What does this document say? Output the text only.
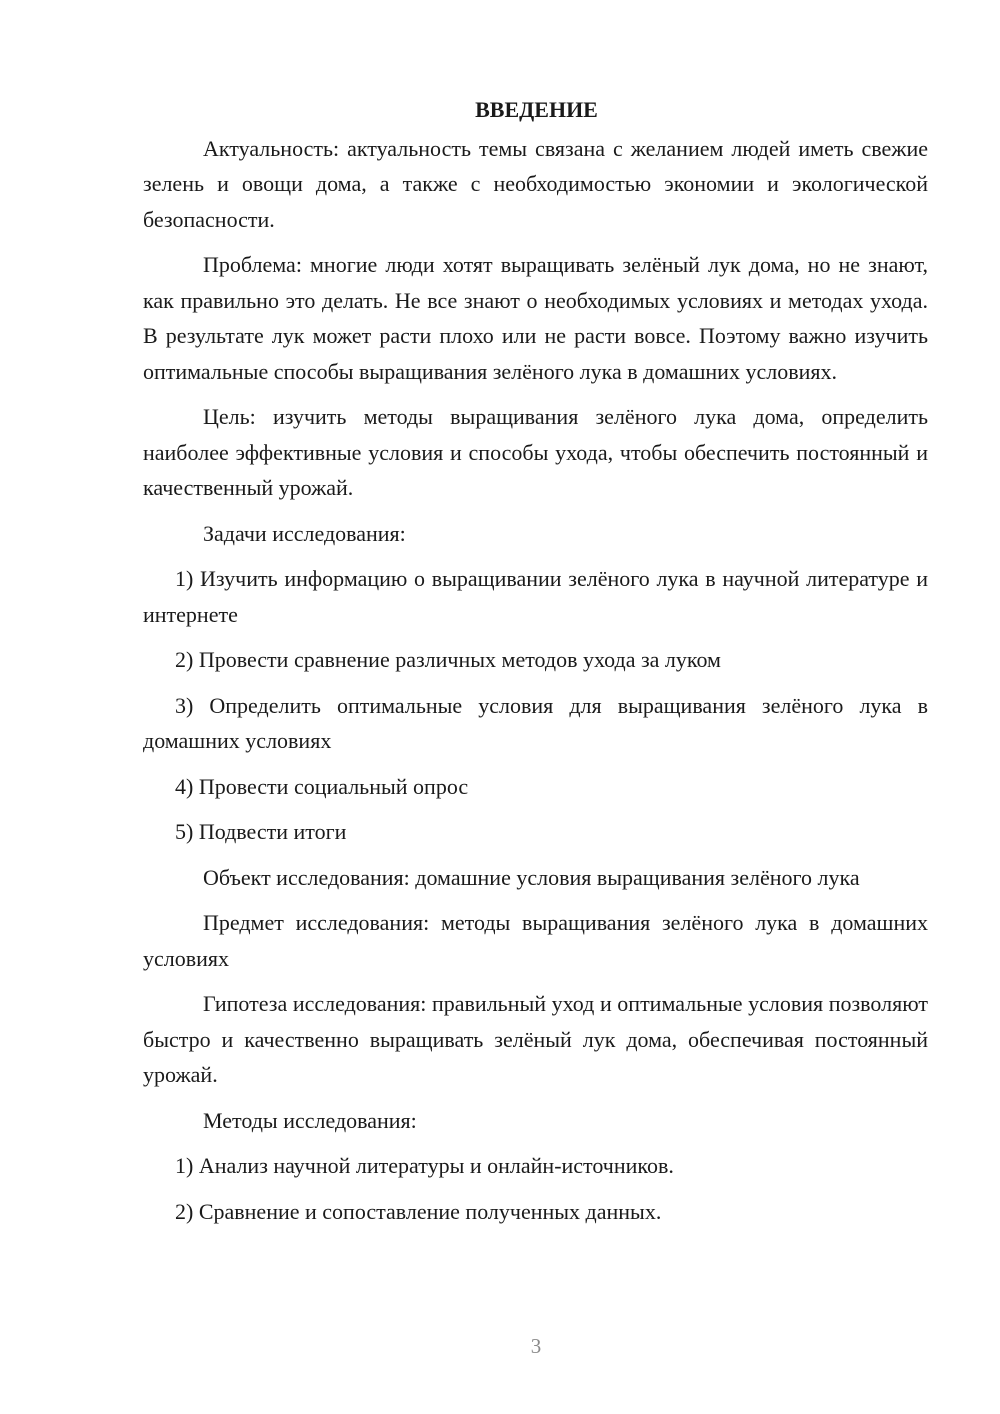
ВВЕДЕНИЕ

Актуальность: актуальность темы связана с желанием людей иметь свежие зелень и овощи дома, а также с необходимостью экономии и экологической безопасности.

Проблема: многие люди хотят выращивать зелёный лук дома, но не знают, как правильно это делать. Не все знают о необходимых условиях и методах ухода. В результате лук может расти плохо или не расти вовсе. Поэтому важно изучить оптимальные способы выращивания зелёного лука в домашних условиях.

Цель: изучить методы выращивания зелёного лука дома, определить наиболее эффективные условия и способы ухода, чтобы обеспечить постоянный и качественный урожай.

Задачи исследования:

1) Изучить информацию о выращивании зелёного лука в научной литературе и интернете

2) Провести сравнение различных методов ухода за луком

3) Определить оптимальные условия для выращивания зелёного лука в домашних условиях

4) Провести социальный опрос

5) Подвести итоги

Объект исследования: домашние условия выращивания зелёного лука

Предмет исследования: методы выращивания зелёного лука в домашних условиях

Гипотеза исследования: правильный уход и оптимальные условия позволяют быстро и качественно выращивать зелёный лук дома, обеспечивая постоянный урожай.

Методы исследования:

1) Анализ научной литературы и онлайн-источников.

2) Сравнение и сопоставление полученных данных.

3
